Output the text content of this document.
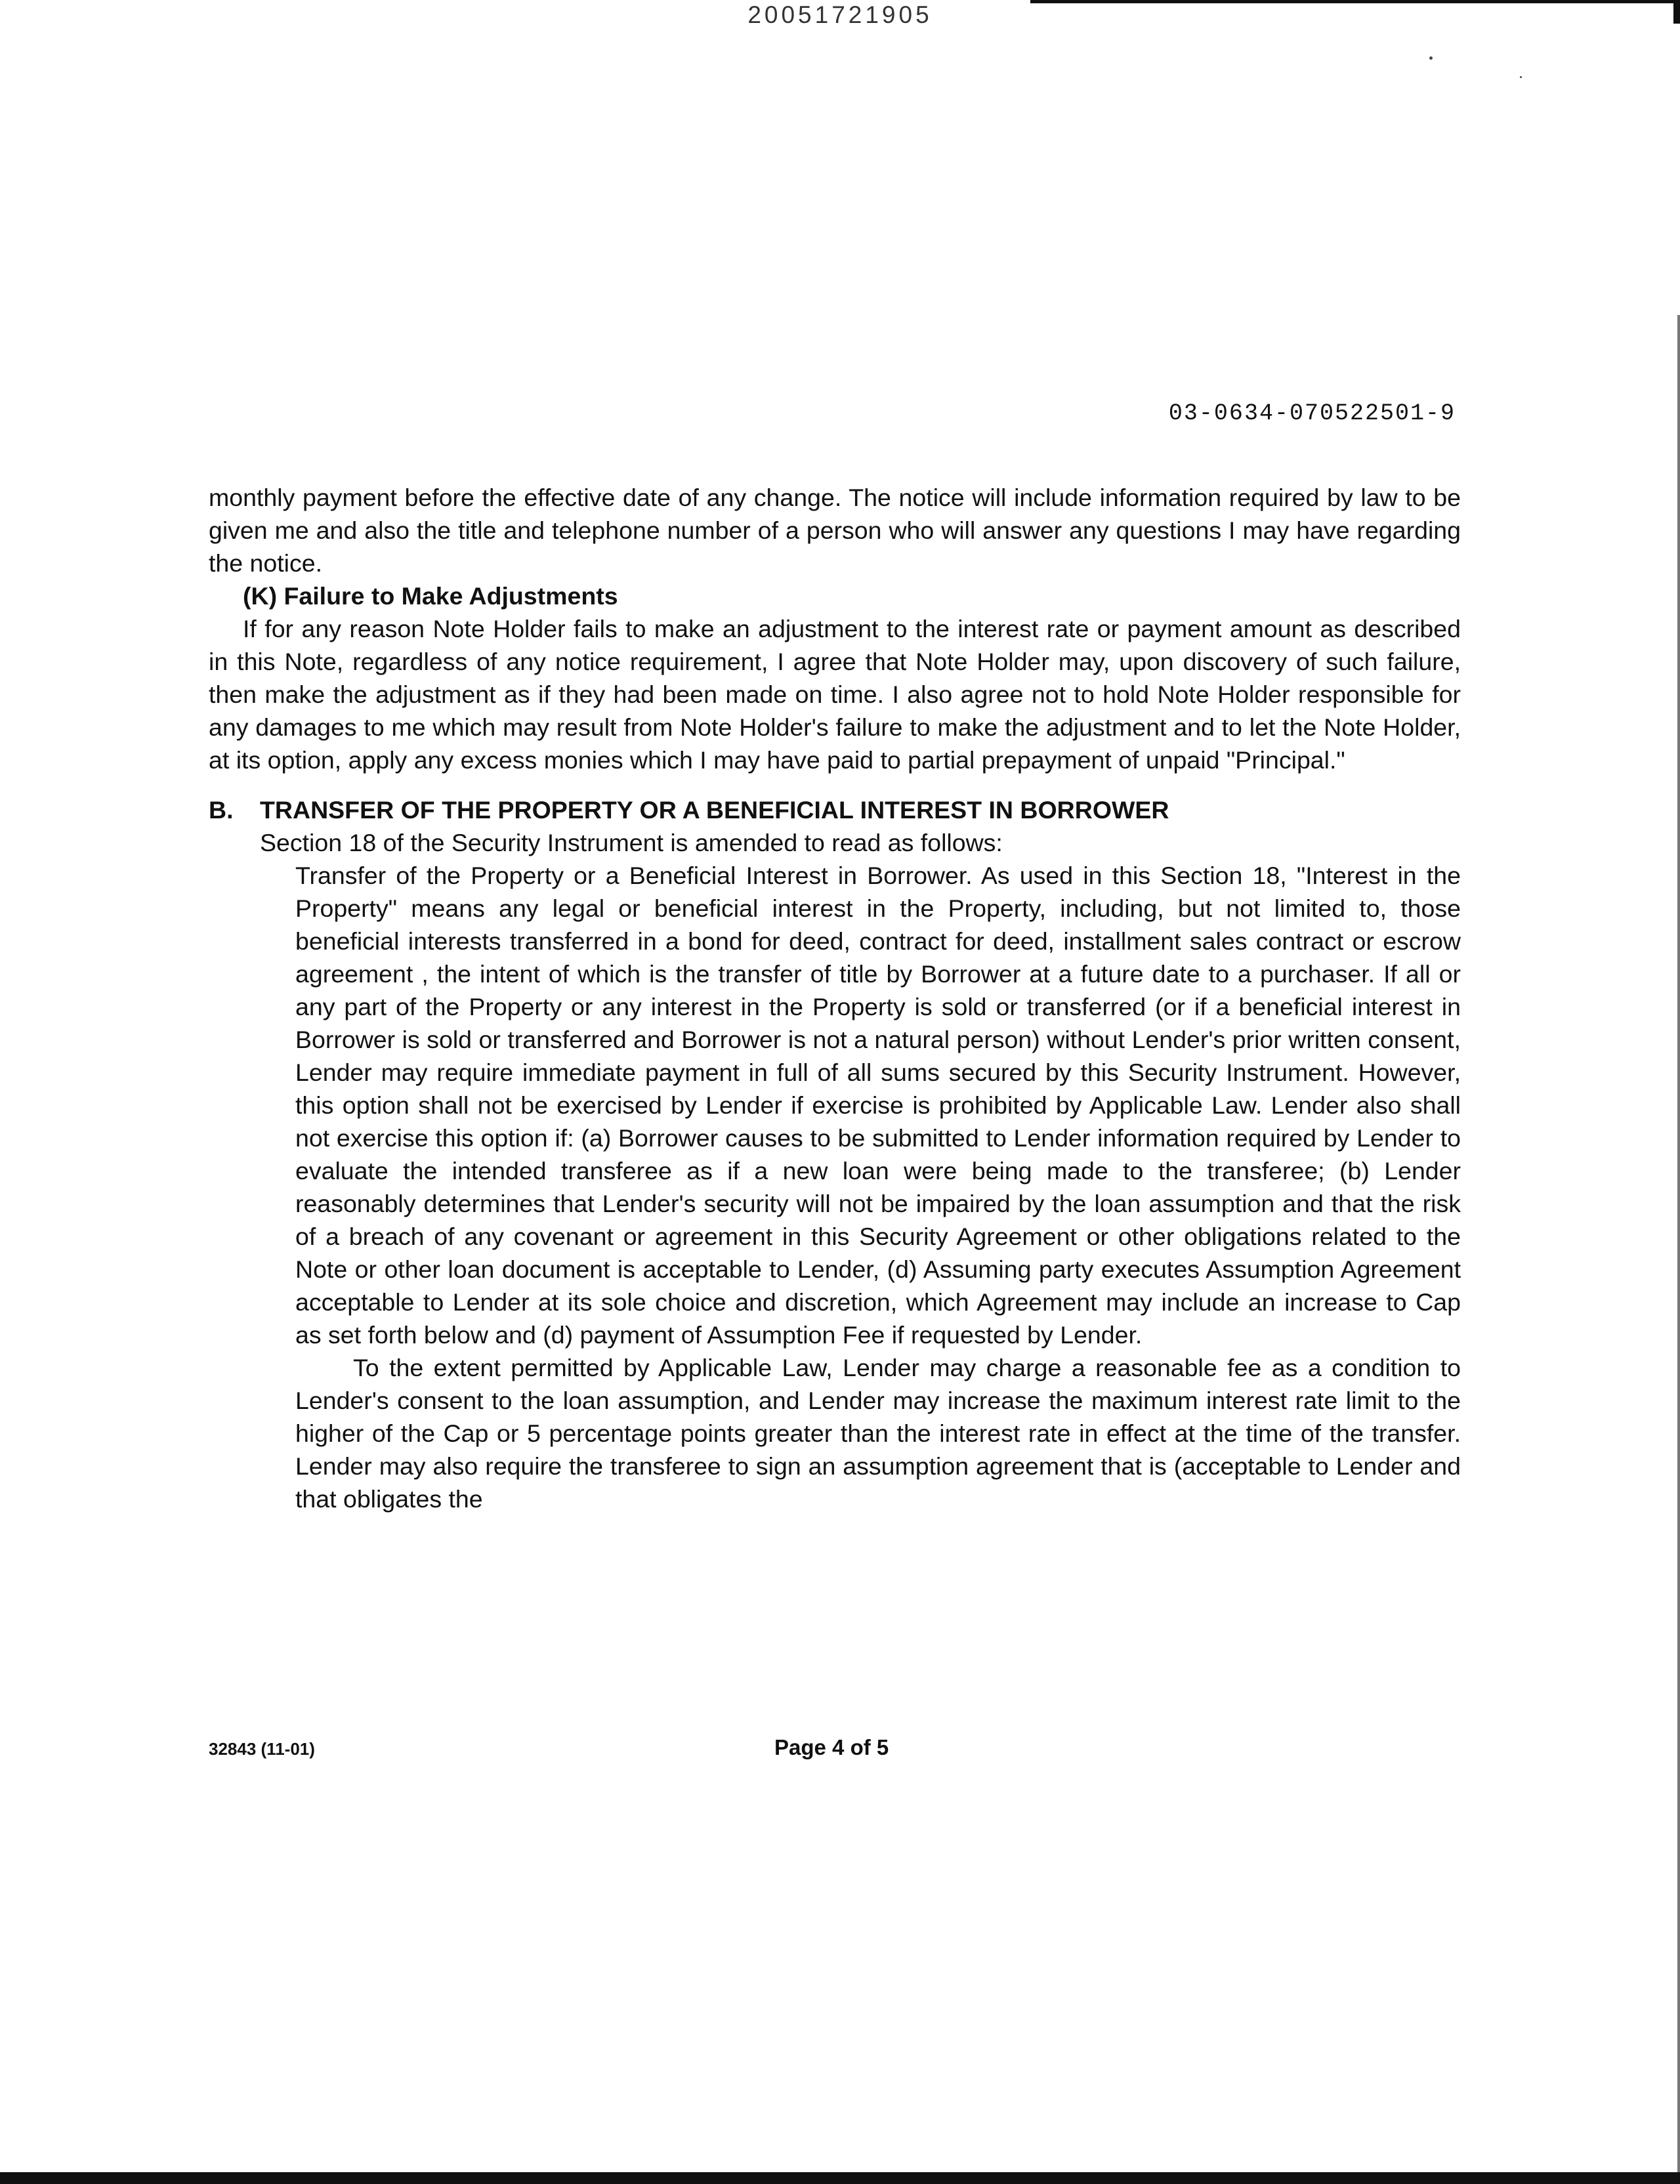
20051721905
03-0634-070522501-9

monthly payment before the effective date of any change. The notice will include information required by law to be given me and also the title and telephone number of a person who will answer any questions I may have regarding the notice.

(K) Failure to Make Adjustments

If for any reason Note Holder fails to make an adjustment to the interest rate or payment amount as described in this Note, regardless of any notice requirement, I agree that Note Holder may, upon discovery of such failure, then make the adjustment as if they had been made on time. I also agree not to hold Note Holder responsible for any damages to me which may result from Note Holder's failure to make the adjustment and to let the Note Holder, at its option, apply any excess monies which I may have paid to partial prepayment of unpaid "Principal."

B.	TRANSFER OF THE PROPERTY OR A BENEFICIAL INTEREST IN BORROWER
Section 18 of the Security Instrument is amended to read as follows:

Transfer of the Property or a Beneficial Interest in Borrower. As used in this Section 18, "Interest in the Property" means any legal or beneficial interest in the Property, including, but not limited to, those beneficial interests transferred in a bond for deed, contract for deed, installment sales contract or escrow agreement , the intent of which is the transfer of title by Borrower at a future date to a purchaser. If all or any part of the Property or any interest in the Property is sold or transferred (or if a beneficial interest in Borrower is sold or transferred and Borrower is not a natural person) without Lender's prior written consent, Lender may require immediate payment in full of all sums secured by this Security Instrument. However, this option shall not be exercised by Lender if exercise is prohibited by Applicable Law. Lender also shall not exercise this option if: (a) Borrower causes to be submitted to Lender information required by Lender to evaluate the intended transferee as if a new loan were being made to the transferee; (b) Lender reasonably determines that Lender's security will not be impaired by the loan assumption and that the risk of a breach of any covenant or agreement in this Security Agreement or other obligations related to the Note or other loan document is acceptable to Lender, (d) Assuming party executes Assumption Agreement acceptable to Lender at its sole choice and discretion, which Agreement may include an increase to Cap as set forth below and (d) payment of Assumption Fee if requested by Lender.

To the extent permitted by Applicable Law, Lender may charge a reasonable fee as a condition to Lender's consent to the loan assumption, and Lender may increase the maximum interest rate limit to the higher of the Cap or 5 percentage points greater than the interest rate in effect at the time of the transfer. Lender may also require the transferee to sign an assumption agreement that is (acceptable to Lender and that obligates the

32843 (11-01)	Page 4 of 5
